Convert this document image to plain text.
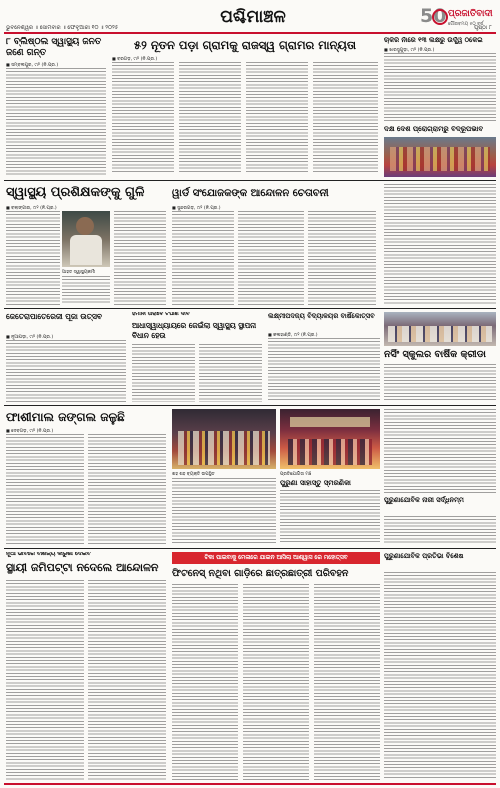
ପଶ୍ଚିମାଞ୍ଚଳ
ଭୁବନେଶ୍ୱର ॥ ସୋମବାର ॥ ଫେବୃଆରୀ ୧୦ ॥ ୨୦୨୫
50 ପ୍ରଜାତିବାଦୀ
ଗୌରବମୟ ୫୦ ବର୍ଷ
ପୃଷ୍ଠା ୮
୮ ବ୍ଲିଷ୍ଠଲ ସ୍ୱାସ୍ଥ୍ୟ ଜନତ ଜଣେ ଗନ୍ତ
■ ସମ୍ବଲପୁର, ୯ା୨ (ନି.ପ୍ର.)
୫୨ ନୂତନ ପଡ଼ା ଗ୍ରାମକୁ ରାଜସ୍ୱ ଗ୍ରାମର ମାନ୍ୟତା
■ ବରଗଡ଼, ୯ା୨ (ନି.ପ୍ର.)
ଚାକିରି ନାଁରେ ୧୩ ଲକ୍ଷରୁ ଉର୍ଦ୍ଧ୍ୱ ଠକେଇ
■ ଝାରସୁଗୁଡ଼ା, ୯ା୨ (ନି.ପ୍ର.)
ଦକ୍ଷ ଦେଶ ପ୍ରୋଗ୍ରାମରୁ ବିଦ୍ରୂପଭାବ
ସ୍ୱାସ୍ଥ୍ୟ ପ୍ରଶିକ୍ଷକଙ୍କୁ ଗୁଳି	ୱାର୍ଡ ସଂଯୋଜକଙ୍କ ଆନ୍ଦୋଳନ ଚେତାବନୀ
■ ବଲାଙ୍ଗୀର, ୯ା୨ (ନି.ପ୍ର.)
ଆହତ ସ୍ୱାସ୍ଥ୍ୟକର୍ମୀ
■ ସୁନ୍ଦରଗଡ଼, ୯ା୨ (ନି.ପ୍ର.)
ଜେତେରାପାତେରେଜୀ ପୂଜା ଉତ୍ସବ
■ ନୂଆପଡ଼ା, ୯ା୨ (ନି.ପ୍ର.)
ହିମାନୀ ତାରାବେ ଟିପାଣି ଦାବି
ଆଧାସ୍ୱାଧ୍ୟାୟରେ ଜେଇଁଲା ସ୍ୱାସ୍ଥ୍ୟ ସ୍ଥାପନା ବିଧାନ ହେଉ
ଲକ୍ଷ୍ମୀପଦଜ୍ୟ ବିଦ୍ୟାଳୟର ବାର୍ଷିକୋତ୍ସବ
■ କଳାହାଣ୍ଡି, ୯ା୨ (ନି.ପ୍ର.)
ନର୍ସିଂ ସ୍କୁଲର ବାର୍ଷିକ କ୍ରୀଡା
ଫାଶୀମାଲ ଜଙ୍ଗଲ ଜଳୁଛି
■ ଦେବଗଡ଼, ୯ା୨ (ନି.ପ୍ର.)
ଶହ ଶହ ବ୍ୟକ୍ତି ଉପସ୍ଥିତ	ପ୍ରତିଯୋଗିତା ମଞ୍ଚ
ପୁରୁଣା ସାହାସ୍ତୁ ସ୍ମରଣିକା
ପୁରୁଣାଯୋବିକ ନାରୀ ସର୍ଦ୍ଧିନମ୍ମ
ନୂଆଁ ଭାବରେ ବାଣିଜ୍ୟ କାରୁଶା ଦେଇବ
ସ୍ଥାୟୀ ଜମିପଟ୍ଟା ନଦେଲେ ଆନ୍ଦୋଳନ
ଟିକା ପାଇବାକୁ ମେଳାରେ ଯାଇନ ଆସିଲା ଆଶ୍ୱାସ ରେ ମହୋତ୍ସବ
ଫିଟନେସ୍ ନଥିବା ଗାଡ଼ିରେ ଛାତ୍ରଛାତ୍ରୀ ପରିବହନ
ପୁରୁଣାଯୋବିକ ପ୍ରତିଭା ବିଶେଷ
